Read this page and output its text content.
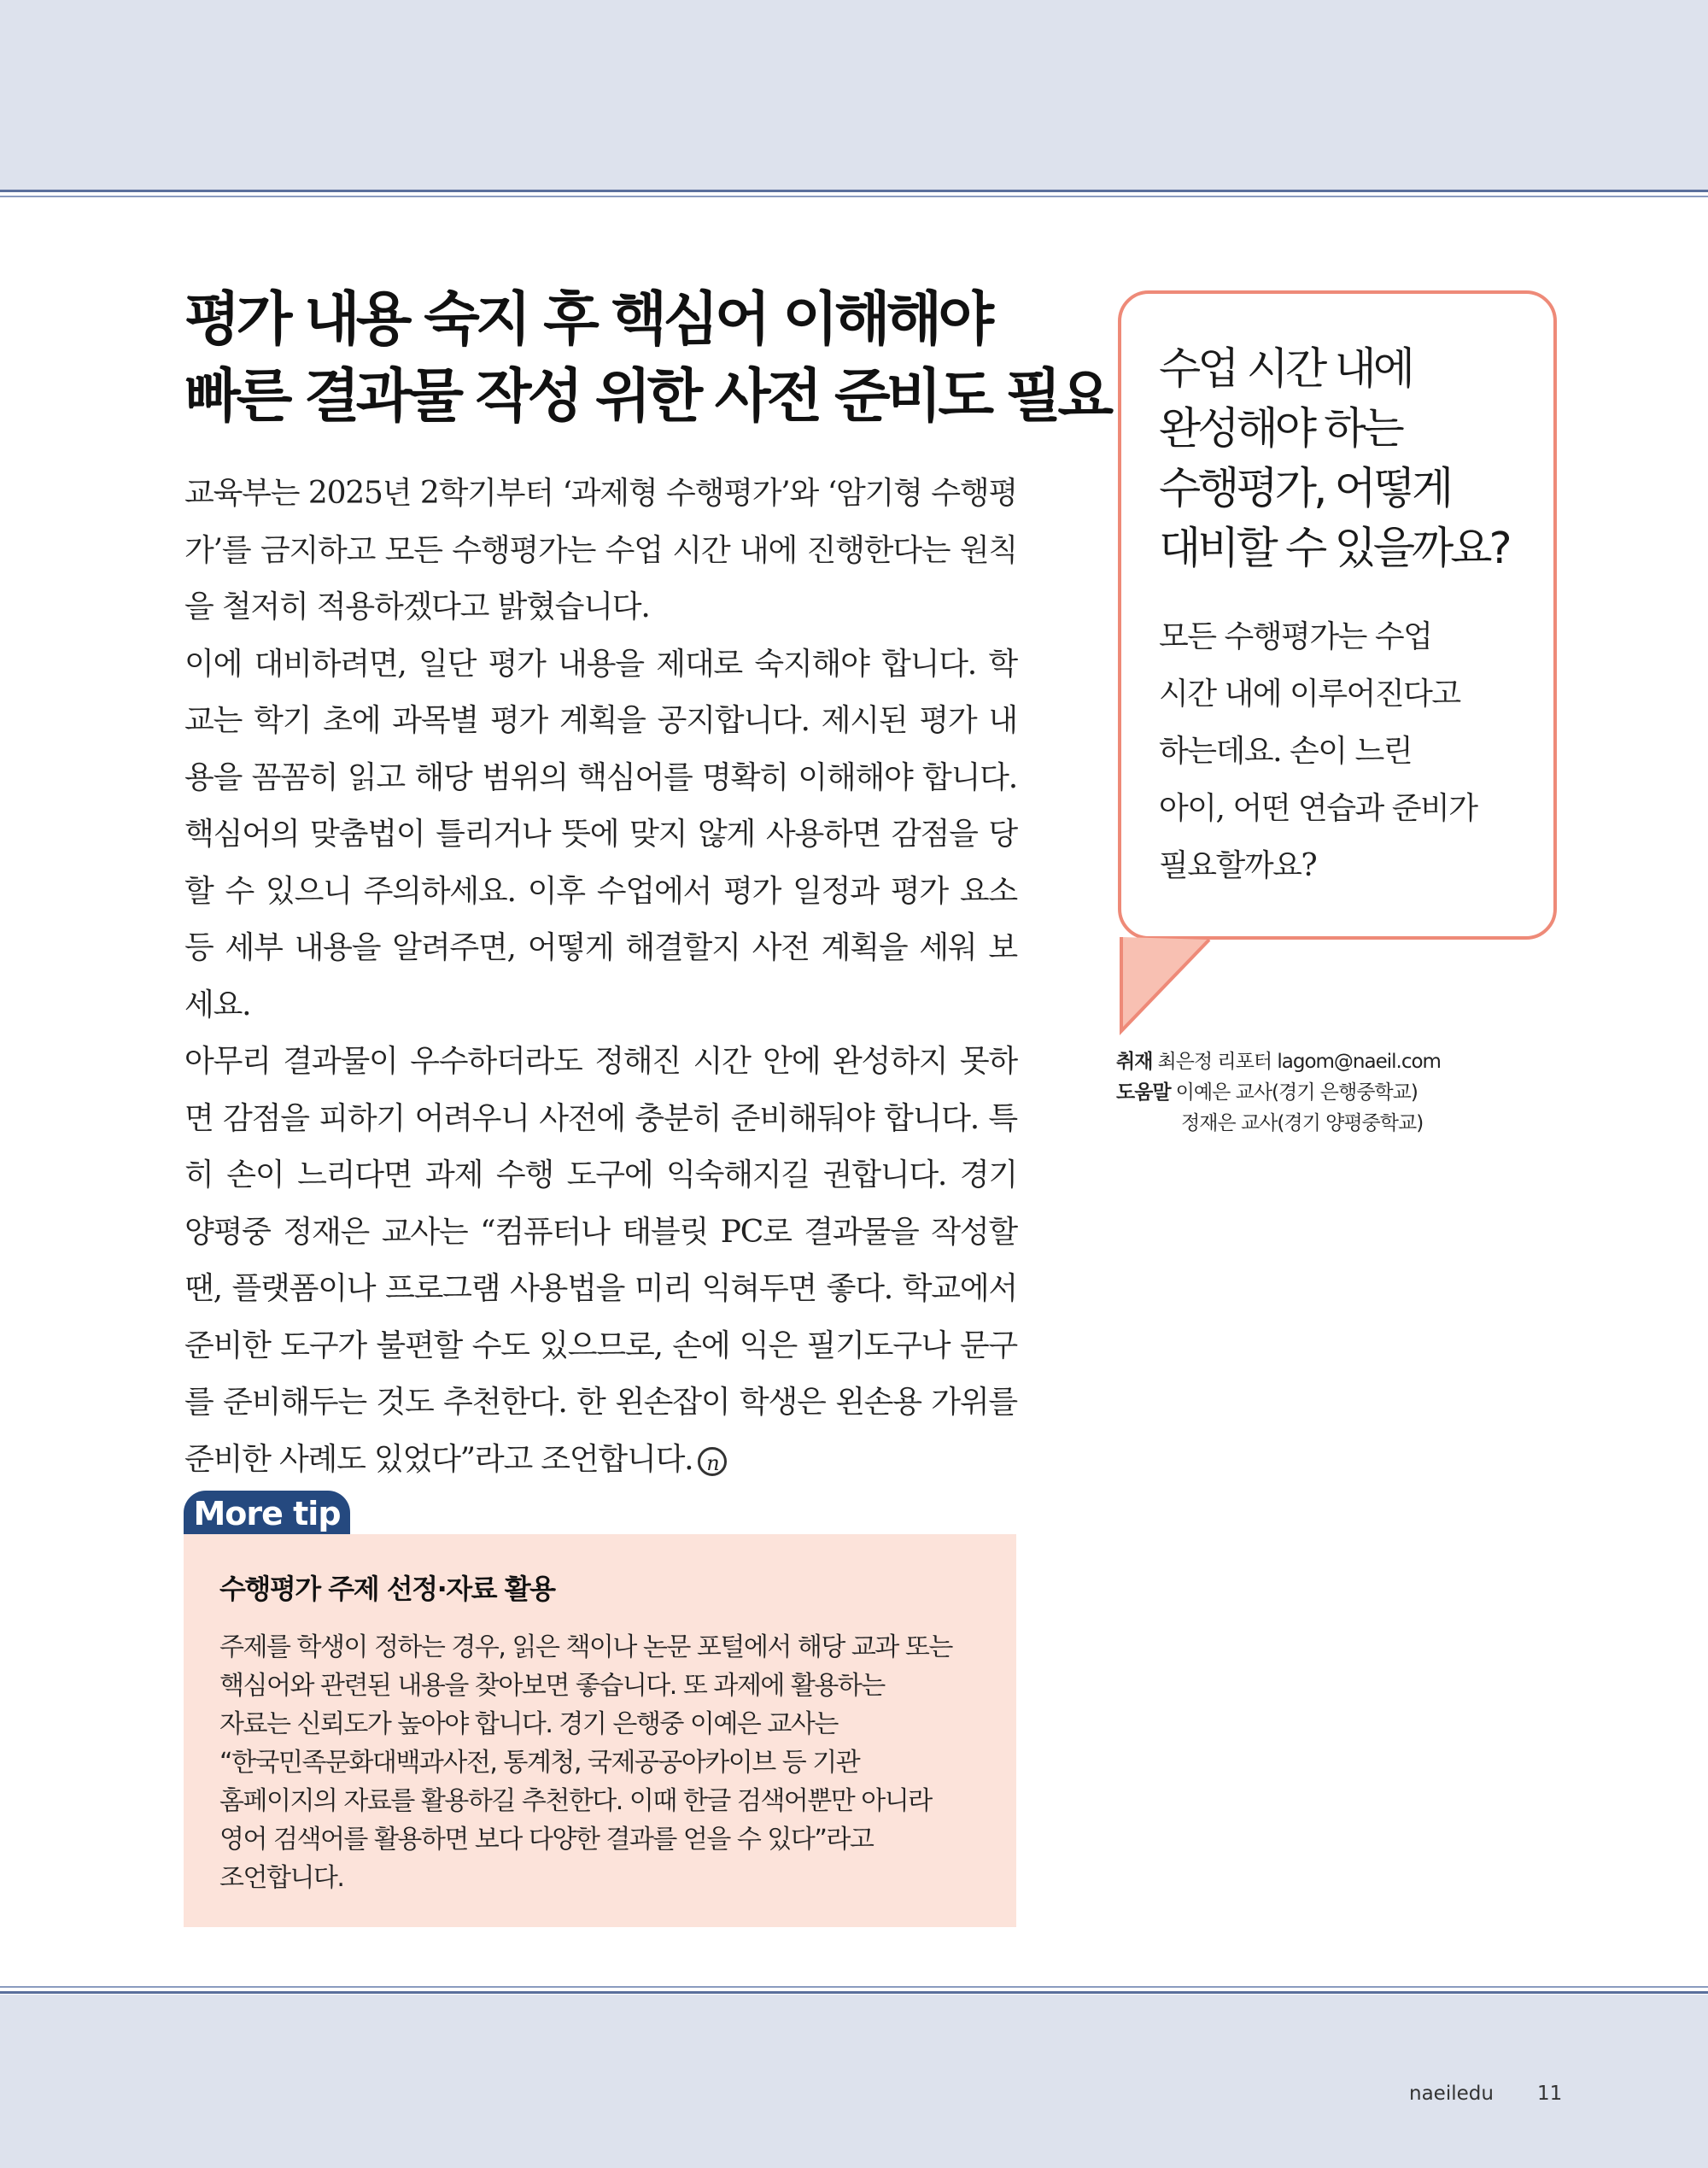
평가 내용 숙지 후 핵심어 이해해야
빠른 결과물 작성 위한 사전 준비도 필요

교육부는 2025년 2학기부터 ‘과제형 수행평가’와 ‘암기형 수행평가’를 금지하고 모든 수행평가는 수업 시간 내에 진행한다는 원칙을 철저히 적용하겠다고 밝혔습니다.

이에 대비하려면, 일단 평가 내용을 제대로 숙지해야 합니다. 학교는 학기 초에 과목별 평가 계획을 공지합니다. 제시된 평가 내용을 꼼꼼히 읽고 해당 범위의 핵심어를 명확히 이해해야 합니다. 핵심어의 맞춤법이 틀리거나 뜻에 맞지 않게 사용하면 감점을 당할 수 있으니 주의하세요. 이후 수업에서 평가 일정과 평가 요소 등 세부 내용을 알려주면, 어떻게 해결할지 사전 계획을 세워 보세요.

아무리 결과물이 우수하더라도 정해진 시간 안에 완성하지 못하면 감점을 피하기 어려우니 사전에 충분히 준비해둬야 합니다. 특히 손이 느리다면 과제 수행 도구에 익숙해지길 권합니다. 경기 양평중 정재은 교사는 “컴퓨터나 태블릿 PC로 결과물을 작성할 땐, 플랫폼이나 프로그램 사용법을 미리 익혀두면 좋다. 학교에서 준비한 도구가 불편할 수도 있으므로, 손에 익은 필기도구나 문구를 준비해두는 것도 추천한다. 한 왼손잡이 학생은 왼손용 가위를 준비한 사례도 있었다”라고 조언합니다. n

More tip
수행평가 주제 선정·자료 활용
주제를 학생이 정하는 경우, 읽은 책이나 논문 포털에서 해당 교과 또는
핵심어와 관련된 내용을 찾아보면 좋습니다. 또 과제에 활용하는
자료는 신뢰도가 높아야 합니다. 경기 은행중 이예은 교사는
“한국민족문화대백과사전, 통계청, 국제공공아카이브 등 기관
홈페이지의 자료를 활용하길 추천한다. 이때 한글 검색어뿐만 아니라
영어 검색어를 활용하면 보다 다양한 결과를 얻을 수 있다”라고
조언합니다.
수업 시간 내에
완성해야 하는
수행평가, 어떻게
대비할 수 있을까요?
모든 수행평가는 수업
시간 내에 이루어진다고
하는데요. 손이 느린
아이, 어떤 연습과 준비가
필요할까요?
취재 최은정 리포터 lagom@naeil.com
도움말 이예은 교사(경기 은행중학교)
정재은 교사(경기 양평중학교)
naeiledu 11
